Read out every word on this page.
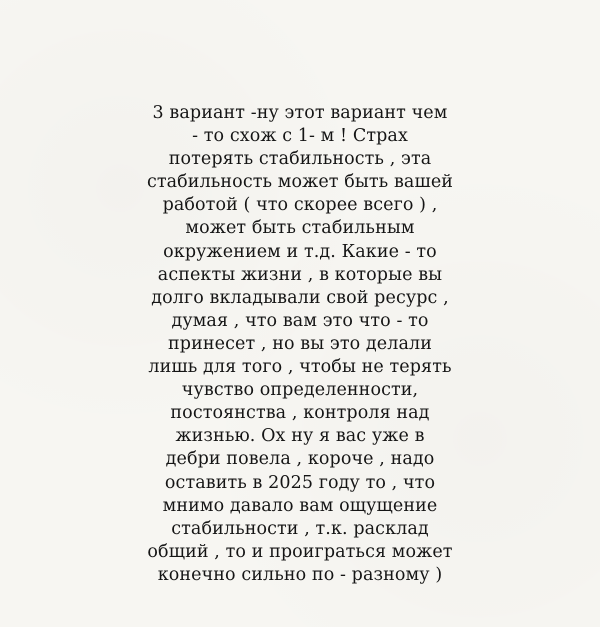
3 вариант -ну этот вариант чем
- то схож с 1- м ! Страх
потерять стабильность , эта
стабильность может быть вашей
работой ( что скорее всего ) ,
может быть стабильным
окружением и т.д. Какие - то
аспекты жизни , в которые вы
долго вкладывали свой ресурс ,
думая , что вам это что - то
принесет , но вы это делали
лишь для того , чтобы не терять
чувство определенности,
постоянства , контроля над
жизнью. Ох ну я вас уже в
дебри повела , короче , надо
оставить в 2025 году то , что
мнимо давало вам ощущение
стабильности , т.к. расклад
общий , то и проиграться может
конечно сильно по - разному )
